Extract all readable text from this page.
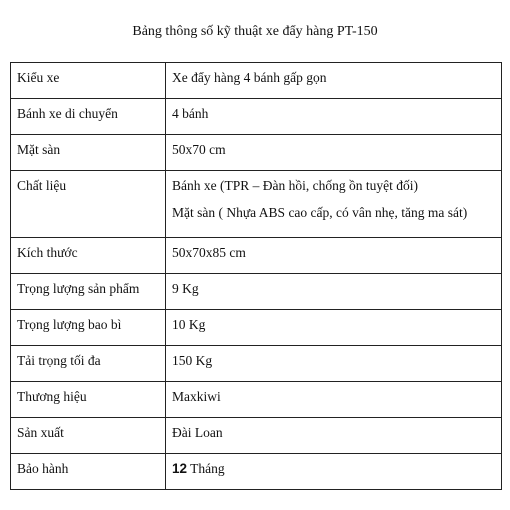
Bảng thông số kỹ thuật xe đẩy hàng PT-150
Kiểu xe	Xe đẩy hàng 4 bánh gấp gọn

Bánh xe di chuyển	4 bánh

Mặt sàn	50x70 cm

Chất liệu	Bánh xe (TPR – Đàn hồi, chống ồn tuyệt đối)
Mặt sàn ( Nhựa ABS cao cấp, có vân nhẹ, tăng ma sát)

Kích thước	50x70x85 cm

Trọng lượng sản phẩm	9 Kg

Trọng lượng bao bì	10 Kg

Tải trọng tối đa	150 Kg

Thương hiệu	Maxkiwi

Sản xuất	Đài Loan

Bảo hành	12 Tháng
